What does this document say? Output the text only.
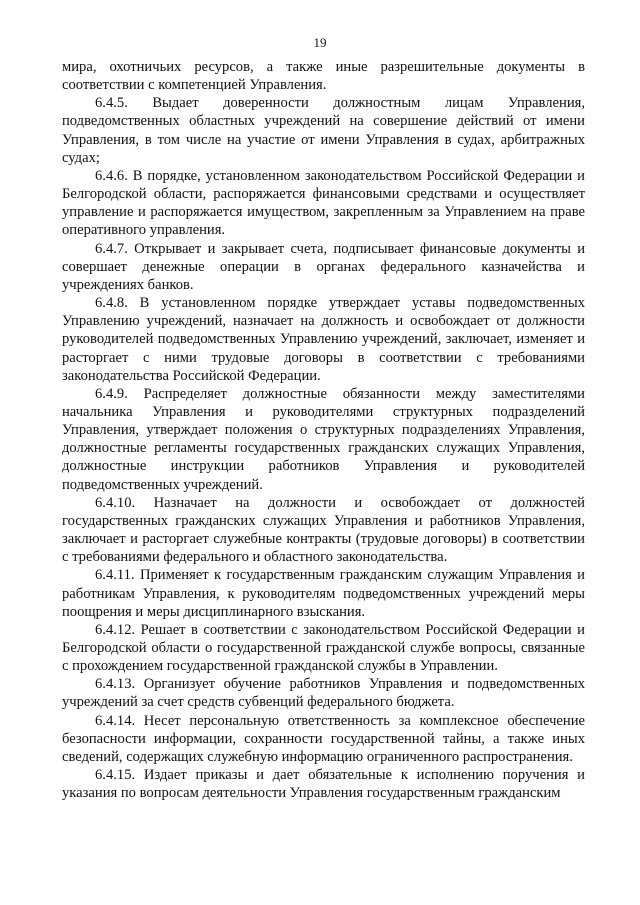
19

мира, охотничьих ресурсов, а также иные разрешительные документы в соответствии с компетенцией Управления.

6.4.5. Выдает доверенности должностным лицам Управления, подведомственных областных учреждений на совершение действий от имени Управления, в том числе на участие от имени Управления в судах, арбитражных судах;

6.4.6. В порядке, установленном законодательством Российской Федерации и Белгородской области, распоряжается финансовыми средствами и осуществляет управление и распоряжается имуществом, закрепленным за Управлением на праве оперативного управления.

6.4.7. Открывает и закрывает счета, подписывает финансовые документы и совершает денежные операции в органах федерального казначейства и учреждениях банков.

6.4.8. В установленном порядке утверждает уставы подведомственных Управлению учреждений, назначает на должность и освобождает от должности руководителей подведомственных Управлению учреждений, заключает, изменяет и расторгает с ними трудовые договоры в соответствии с требованиями законодательства Российской Федерации.

6.4.9. Распределяет должностные обязанности между заместителями начальника Управления и руководителями структурных подразделений Управления, утверждает положения о структурных подразделениях Управления, должностные регламенты государственных гражданских служащих Управления, должностные инструкции работников Управления и руководителей подведомственных учреждений.

6.4.10. Назначает на должности и освобождает от должностей государственных гражданских служащих Управления и работников Управления, заключает и расторгает служебные контракты (трудовые договоры) в соответствии с требованиями федерального и областного законодательства.

6.4.11. Применяет к государственным гражданским служащим Управления и работникам Управления, к руководителям подведомственных учреждений меры поощрения и меры дисциплинарного взыскания.

6.4.12. Решает в соответствии с законодательством Российской Федерации и Белгородской области о государственной гражданской службе вопросы, связанные с прохождением государственной гражданской службы в Управлении.

6.4.13. Организует обучение работников Управления и подведомственных учреждений за счет средств субвенций федерального бюджета.

6.4.14. Несет персональную ответственность за комплексное обеспечение безопасности информации, сохранности государственной тайны, а также иных сведений, содержащих служебную информацию ограниченного распространения.

6.4.15. Издает приказы и дает обязательные к исполнению поручения и указания по вопросам деятельности Управления государственным гражданским
